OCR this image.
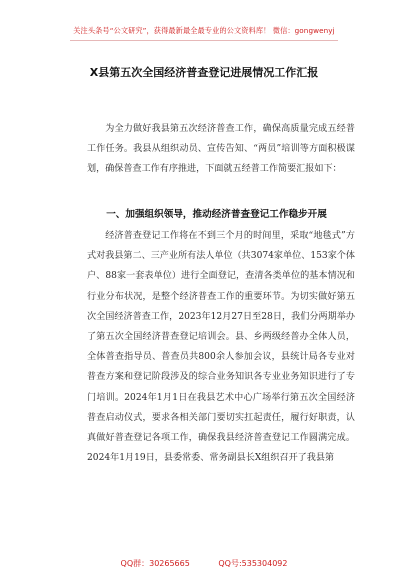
关注头条号“公文研究”，获得最新最全最专业的公文资料库！ 微信：gongwenyj
X县第五次全国经济普查登记进展情况工作汇报

为全力做好我县第五次经济普查工作，确保高质量完成五经普工作任务。我县从组织动员、宣传告知、“两员”培训等方面积极谋划，确保普查工作有序推进，下面就五经普工作简要汇报如下：

一、加强组织领导，推动经济普查登记工作稳步开展

经济普查登记工作将在不到三个月的时间里，采取“地毯式”方式对我县第二、三产业所有法人单位（共3074家单位、153家个体户、88家一套表单位）进行全面登记，查清各类单位的基本情况和行业分布状况，是整个经济普查工作的重要环节。为切实做好第五次全国经济普查工作，2023年12月27日至28日，我们分两期举办了第五次全国经济普查登记培训会。县、乡两级经普办全体人员，全体普查指导员、普查员共800余人参加会议，县统计局各专业对普查方案和登记阶段涉及的综合业务知识各专业业务知识进行了专门培训。2024年1月1日在我县艺术中心广场举行第五次全国经济普查启动仪式，要求各相关部门要切实扛起责任，履行好职责，认真做好普查登记各项工作，确保我县经济普查登记工作圆满完成。2024年1月19日，县委常委、常务副县长X组织召开了我县第

QQ群：30265665	QQ号:535304092
